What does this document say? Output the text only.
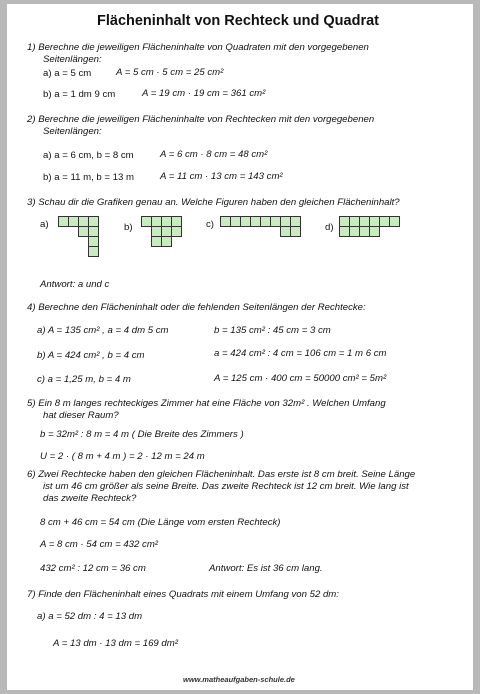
Flächeninhalt von Rechteck und Quadrat
1) Berechne die jeweiligen Flächeninhalte von Quadraten mit den vorgegebenen
Seitenlängen:
a) a = 5 cm	A = 5 cm · 5 cm = 25 cm²
b) a = 1 dm 9 cm	A = 19 cm · 19 cm = 361 cm²
2) Berechne die jeweiligen Flächeninhalte von Rechtecken mit den vorgegebenen
Seitenlängen:
a) a = 6 cm, b = 8 cm	A = 6 cm · 8 cm = 48 cm²
b) a = 11 m, b = 13 m	A = 11 cm · 13 cm = 143 cm²
3) Schau dir die Grafiken genau an. Welche Figuren haben den gleichen Flächeninhalt?
a)	b)	c)	d)
Antwort: a und c
4) Berechne den Flächeninhalt oder die fehlenden Seitenlängen der Rechtecke:
a) A = 135 cm² , a = 4 dm 5 cm	b = 135 cm² : 45 cm = 3 cm
b) A = 424 cm² , b = 4 cm	a = 424 cm² : 4 cm = 106 cm = 1 m 6 cm
c) a = 1,25 m, b = 4 m	A = 125 cm · 400 cm = 50000 cm² = 5m²
5) Ein 8 m langes rechteckiges Zimmer hat eine Fläche von 32m² . Welchen Umfang
hat dieser Raum?
b = 32m² : 8 m = 4 m ( Die Breite des Zimmers )
U = 2 · ( 8 m + 4 m ) = 2 · 12 m = 24 m
6) Zwei Rechtecke haben den gleichen Flächeninhalt. Das erste ist 8 cm breit. Seine Länge
ist um 46 cm größer als seine Breite. Das zweite Rechteck ist 12 cm breit. Wie lang ist
das zweite Rechteck?
8 cm + 46 cm = 54 cm (Die Länge vom ersten Rechteck)
A = 8 cm · 54 cm = 432 cm²
432 cm² : 12 cm = 36 cm	Antwort: Es ist 36 cm lang.
7) Finde den Flächeninhalt eines Quadrats mit einem Umfang von 52 dm:
a) a = 52 dm : 4 = 13 dm
A = 13 dm · 13 dm = 169 dm²
www.matheaufgaben-schule.de
